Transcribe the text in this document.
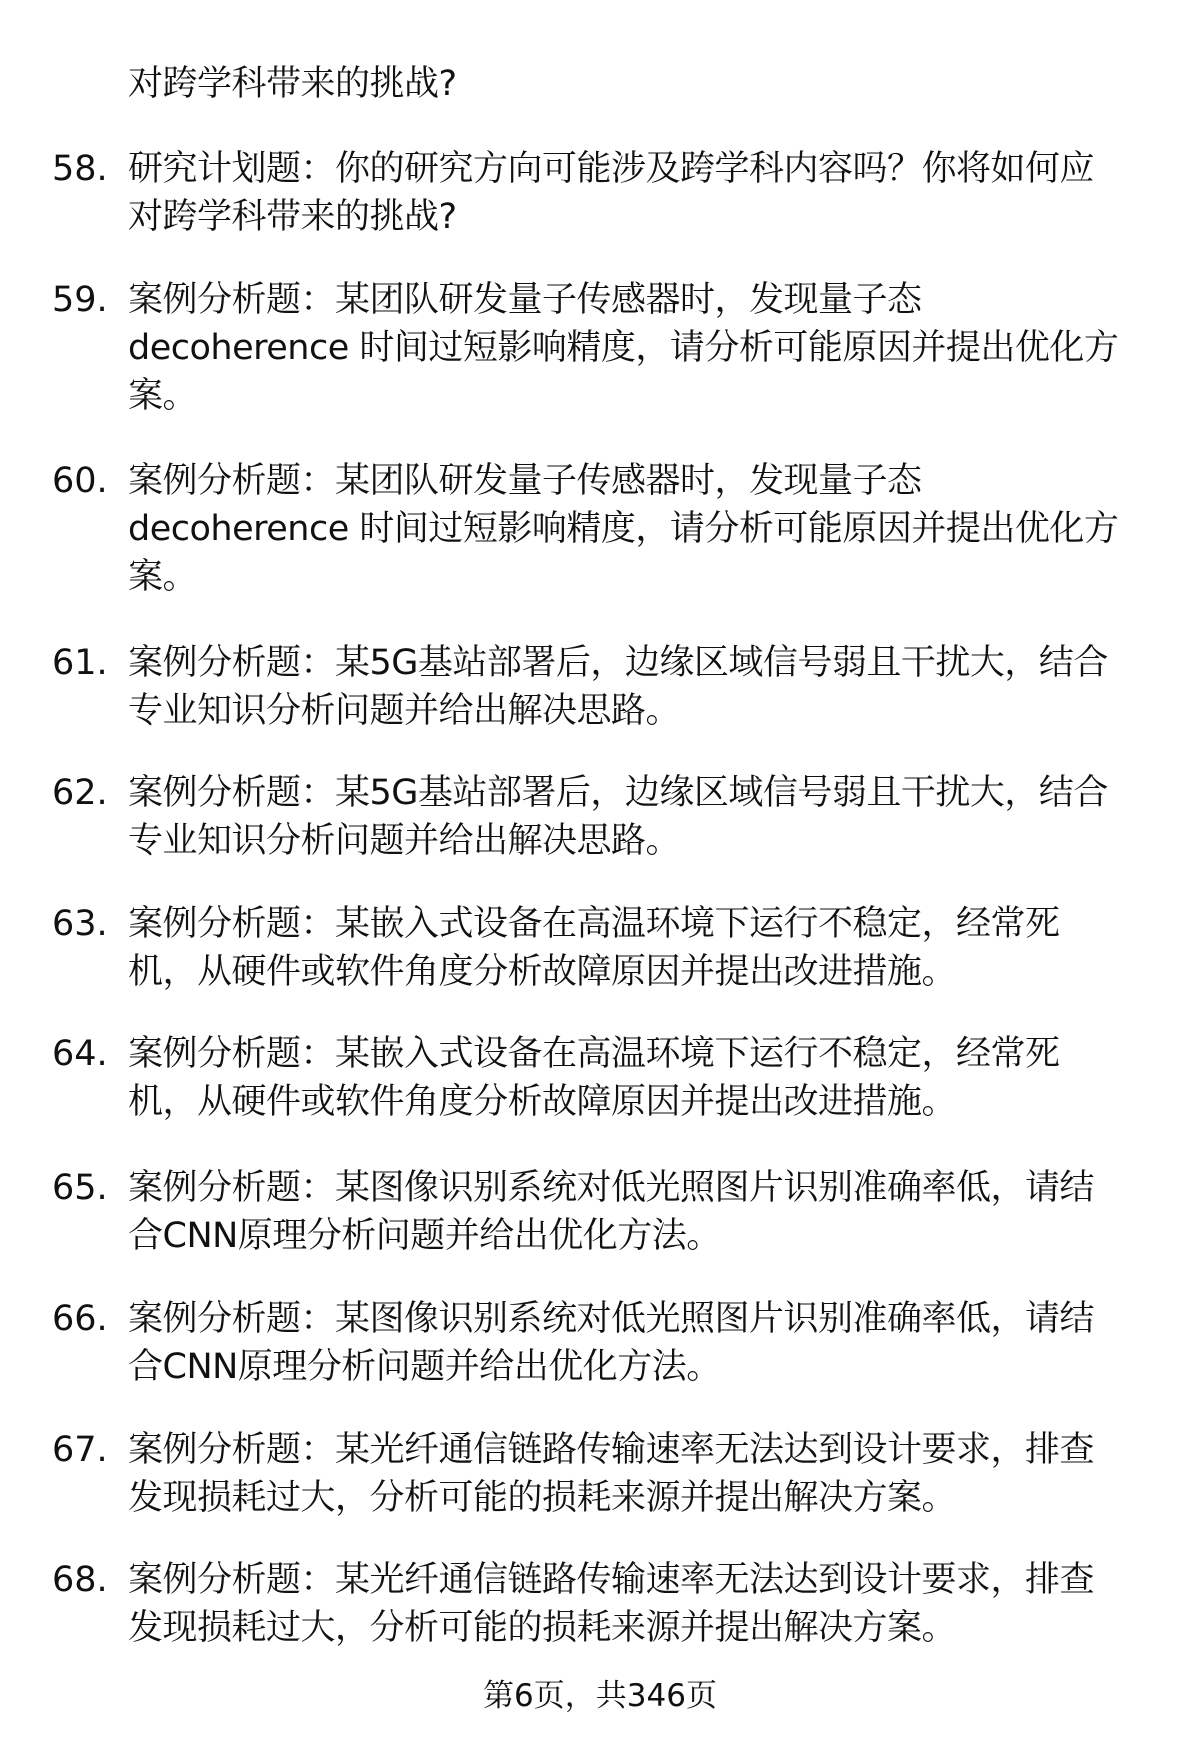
对跨学科带来的挑战?
58. 研究计划题：你的研究方向可能涉及跨学科内容吗？你将如何应
对跨学科带来的挑战?
59. 案例分析题：某团队研发量子传感器时，发现量子态
decoherence 时间过短影响精度，请分析可能原因并提出优化方
案。
60. 案例分析题：某团队研发量子传感器时，发现量子态
decoherence 时间过短影响精度，请分析可能原因并提出优化方
案。
61. 案例分析题：某5G基站部署后，边缘区域信号弱且干扰大，结合
专业知识分析问题并给出解决思路。
62. 案例分析题：某5G基站部署后，边缘区域信号弱且干扰大，结合
专业知识分析问题并给出解决思路。
63. 案例分析题：某嵌入式设备在高温环境下运行不稳定，经常死
机，从硬件或软件角度分析故障原因并提出改进措施。
64. 案例分析题：某嵌入式设备在高温环境下运行不稳定，经常死
机，从硬件或软件角度分析故障原因并提出改进措施。
65. 案例分析题：某图像识别系统对低光照图片识别准确率低，请结
合CNN原理分析问题并给出优化方法。
66. 案例分析题：某图像识别系统对低光照图片识别准确率低，请结
合CNN原理分析问题并给出优化方法。
67. 案例分析题：某光纤通信链路传输速率无法达到设计要求，排查
发现损耗过大，分析可能的损耗来源并提出解决方案。
68. 案例分析题：某光纤通信链路传输速率无法达到设计要求，排查
发现损耗过大，分析可能的损耗来源并提出解决方案。
第6页，共346页
